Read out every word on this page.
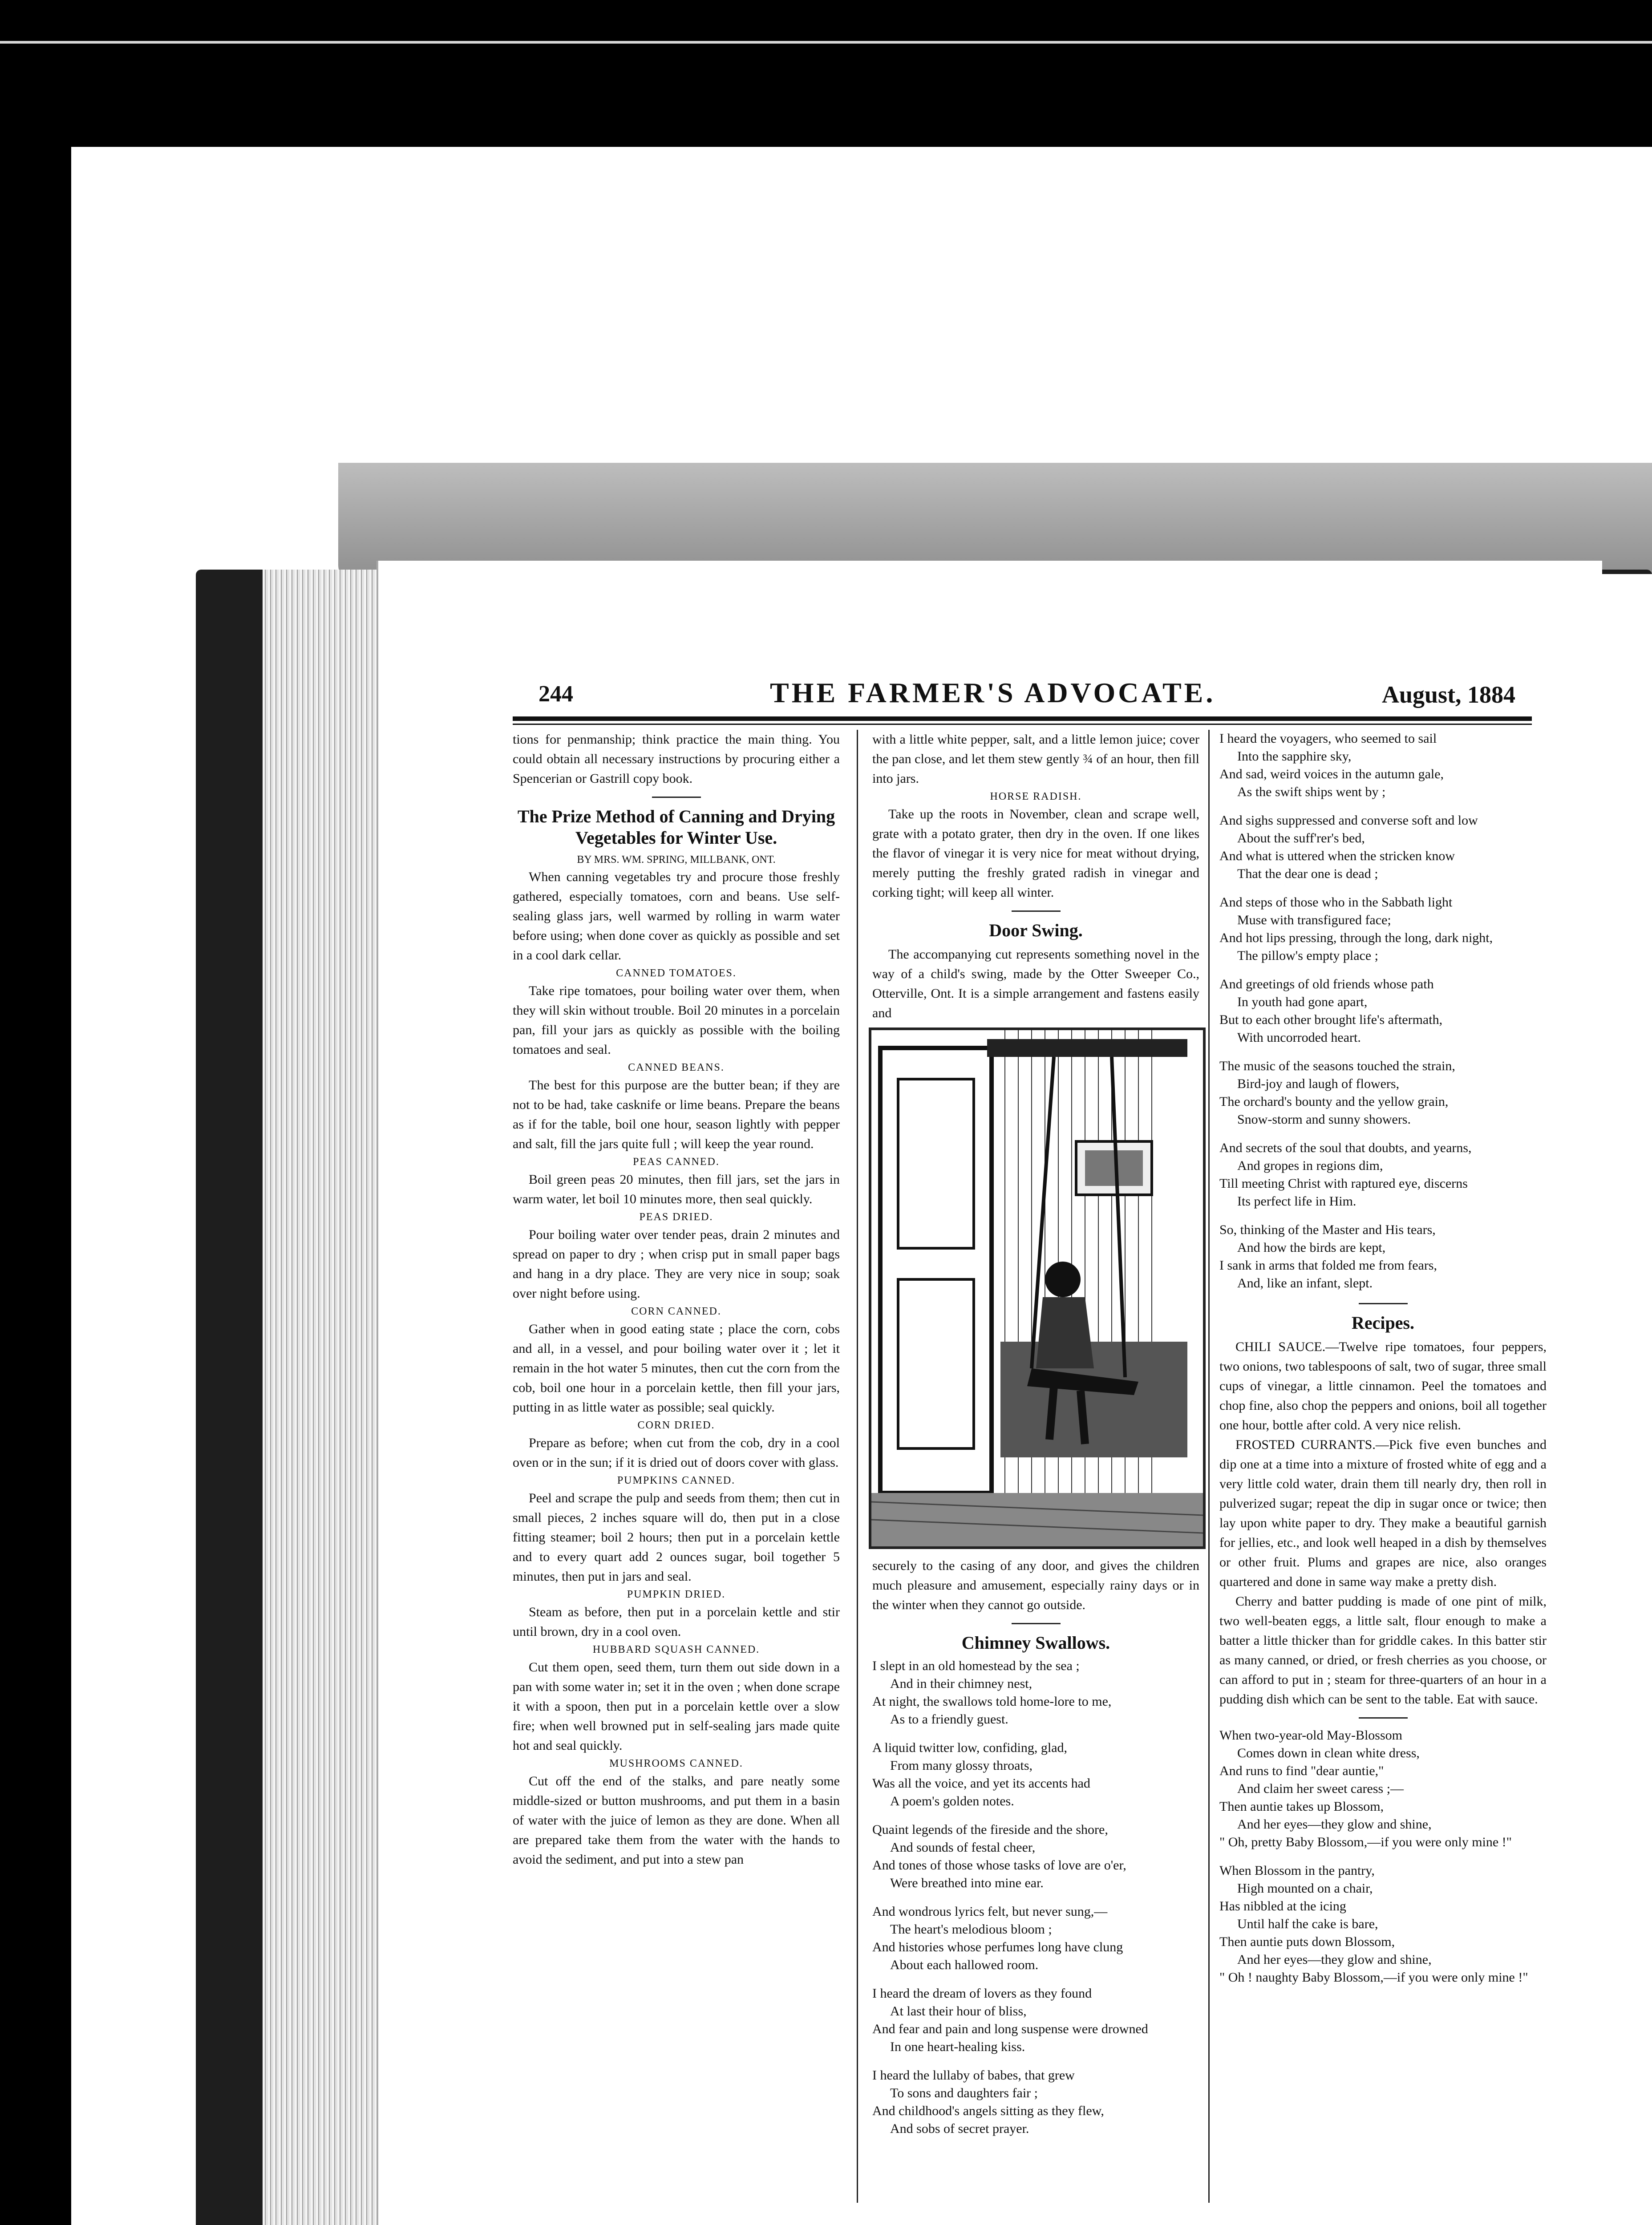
244	THE FARMER'S ADVOCATE.	August, 1884

tions for penmanship; think practice the main thing. You could obtain all necessary instructions by procuring either a Spencerian or Gastrill copy book.

The Prize Method of Canning and Drying Vegetables for Winter Use.

BY MRS. WM. SPRING, MILLBANK, ONT.

When canning vegetables try and procure those freshly gathered, especially tomatoes, corn and beans. Use self-sealing glass jars, well warmed by rolling in warm water before using; when done cover as quickly as possible and set in a cool dark cellar.

CANNED TOMATOES.

Take ripe tomatoes, pour boiling water over them, when they will skin without trouble. Boil 20 minutes in a porcelain pan, fill your jars as quickly as possible with the boiling tomatoes and seal.

CANNED BEANS.

The best for this purpose are the butter bean; if they are not to be had, take casknife or lime beans. Prepare the beans as if for the table, boil one hour, season lightly with pepper and salt, fill the jars quite full ; will keep the year round.

PEAS CANNED.

Boil green peas 20 minutes, then fill jars, set the jars in warm water, let boil 10 minutes more, then seal quickly.

PEAS DRIED.

Pour boiling water over tender peas, drain 2 minutes and spread on paper to dry ; when crisp put in small paper bags and hang in a dry place. They are very nice in soup; soak over night before using.

CORN CANNED.

Gather when in good eating state ; place the corn, cobs and all, in a vessel, and pour boiling water over it ; let it remain in the hot water 5 minutes, then cut the corn from the cob, boil one hour in a porcelain kettle, then fill your jars, putting in as little water as possible; seal quickly.

CORN DRIED.

Prepare as before; when cut from the cob, dry in a cool oven or in the sun; if it is dried out of doors cover with glass.

PUMPKINS CANNED.

Peel and scrape the pulp and seeds from them; then cut in small pieces, 2 inches square will do, then put in a close fitting steamer; boil 2 hours; then put in a porcelain kettle and to every quart add 2 ounces sugar, boil together 5 minutes, then put in jars and seal.

PUMPKIN DRIED.

Steam as before, then put in a porcelain kettle and stir until brown, dry in a cool oven.

HUBBARD SQUASH CANNED.

Cut them open, seed them, turn them out side down in a pan with some water in; set it in the oven ; when done scrape it with a spoon, then put in a porcelain kettle over a slow fire; when well browned put in self-sealing jars made quite hot and seal quickly.

MUSHROOMS CANNED.

Cut off the end of the stalks, and pare neatly some middle-sized or button mushrooms, and put them in a basin of water with the juice of lemon as they are done. When all are prepared take them from the water with the hands to avoid the sediment, and put into a stew pan

with a little white pepper, salt, and a little lemon juice; cover the pan close, and let them stew gently ¾ of an hour, then fill into jars.

HORSE RADISH.

Take up the roots in November, clean and scrape well, grate with a potato grater, then dry in the oven. If one likes the flavor of vinegar it is very nice for meat without drying, merely putting the freshly grated radish in vinegar and corking tight; will keep all winter.

Door Swing.

The accompanying cut represents something novel in the way of a child's swing, made by the Otter Sweeper Co., Otterville, Ont. It is a simple arrangement and fastens easily and

securely to the casing of any door, and gives the children much pleasure and amusement, especially rainy days or in the winter when they cannot go outside.

Chimney Swallows.
I slept in an old homestead by the sea ;
And in their chimney nest,
At night, the swallows told home-lore to me,
As to a friendly guest.
A liquid twitter low, confiding, glad,
From many glossy throats,
Was all the voice, and yet its accents had
A poem's golden notes.
Quaint legends of the fireside and the shore,
And sounds of festal cheer,
And tones of those whose tasks of love are o'er,
Were breathed into mine ear.
And wondrous lyrics felt, but never sung,—
The heart's melodious bloom ;
And histories whose perfumes long have clung
About each hallowed room.
I heard the dream of lovers as they found
At last their hour of bliss,
And fear and pain and long suspense were drowned
In one heart-healing kiss.
I heard the lullaby of babes, that grew
To sons and daughters fair ;
And childhood's angels sitting as they flew,
And sobs of secret prayer.
I heard the voyagers, who seemed to sail
Into the sapphire sky,
And sad, weird voices in the autumn gale,
As the swift ships went by ;
And sighs suppressed and converse soft and low
About the suff'rer's bed,
And what is uttered when the stricken know
That the dear one is dead ;
And steps of those who in the Sabbath light
Muse with transfigured face;
And hot lips pressing, through the long, dark night,
The pillow's empty place ;
And greetings of old friends whose path
In youth had gone apart,
But to each other brought life's aftermath,
With uncorroded heart.
The music of the seasons touched the strain,
Bird-joy and laugh of flowers,
The orchard's bounty and the yellow grain,
Snow-storm and sunny showers.
And secrets of the soul that doubts, and yearns,
And gropes in regions dim,
Till meeting Christ with raptured eye, discerns
Its perfect life in Him.
So, thinking of the Master and His tears,
And how the birds are kept,
I sank in arms that folded me from fears,
And, like an infant, slept.
Recipes.

CHILI SAUCE.—Twelve ripe tomatoes, four peppers, two onions, two tablespoons of salt, two of sugar, three small cups of vinegar, a little cinnamon. Peel the tomatoes and chop fine, also chop the peppers and onions, boil all together one hour, bottle after cold. A very nice relish.

FROSTED CURRANTS.—Pick five even bunches and dip one at a time into a mixture of frosted white of egg and a very little cold water, drain them till nearly dry, then roll in pulverized sugar; repeat the dip in sugar once or twice; then lay upon white paper to dry. They make a beautiful garnish for jellies, etc., and look well heaped in a dish by themselves or other fruit. Plums and grapes are nice, also oranges quartered and done in same way make a pretty dish.

Cherry and batter pudding is made of one pint of milk, two well-beaten eggs, a little salt, flour enough to make a batter a little thicker than for griddle cakes. In this batter stir as many canned, or dried, or fresh cherries as you choose, or can afford to put in ; steam for three-quarters of an hour in a pudding dish which can be sent to the table. Eat with sauce.

When two-year-old May-Blossom
Comes down in clean white dress,
And runs to find "dear auntie,"
And claim her sweet caress ;—
Then auntie takes up Blossom,
And her eyes—they glow and shine,
" Oh, pretty Baby Blossom,—if you were only mine !"
When Blossom in the pantry,
High mounted on a chair,
Has nibbled at the icing
Until half the cake is bare,
Then auntie puts down Blossom,
And her eyes—they glow and shine,
" Oh ! naughty Baby Blossom,—if you were only mine !"
